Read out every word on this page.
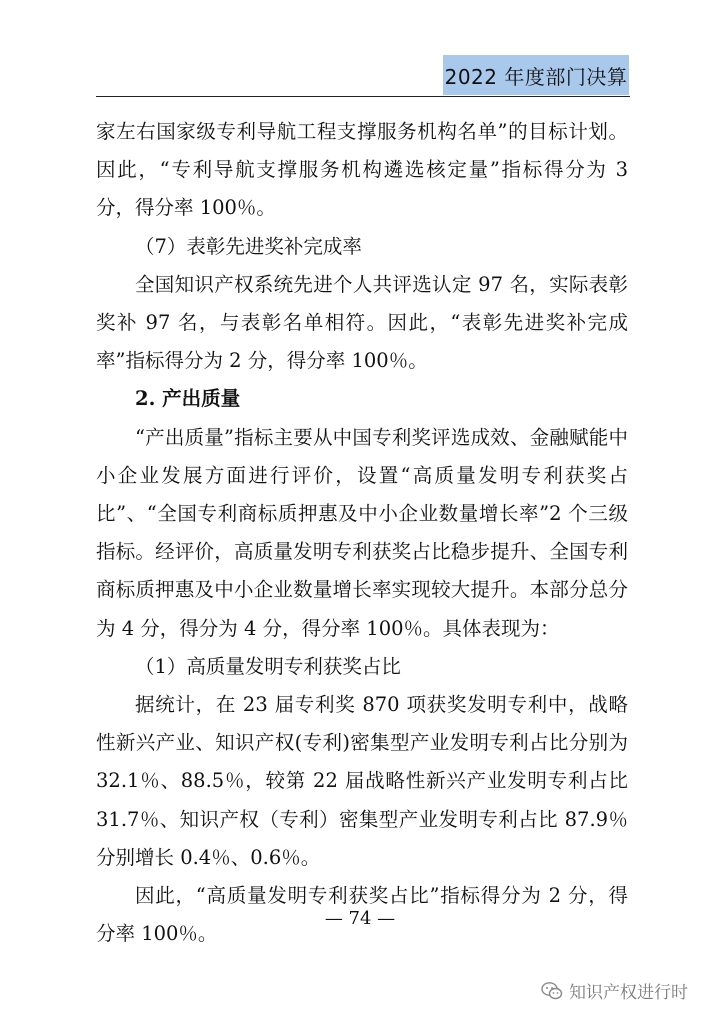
2022 年度部门决算

家左右国家级专利导航工程支撑服务机构名单”的目标计划。因此，“专利导航支撑服务机构遴选核定量”指标得分为 3 分，得分率 100％。

（7）表彰先进奖补完成率

全国知识产权系统先进个人共评选认定 97 名，实际表彰奖补 97 名，与表彰名单相符。因此，“表彰先进奖补完成率”指标得分为 2 分，得分率 100％。

2. 产出质量

“产出质量”指标主要从中国专利奖评选成效、金融赋能中小企业发展方面进行评价，设置“高质量发明专利获奖占比”、“全国专利商标质押惠及中小企业数量增长率”2 个三级指标。经评价，高质量发明专利获奖占比稳步提升、全国专利商标质押惠及中小企业数量增长率实现较大提升。本部分总分为 4 分，得分为 4 分，得分率 100％。具体表现为：

（1）高质量发明专利获奖占比

据统计，在 23 届专利奖 870 项获奖发明专利中，战略性新兴产业、知识产权(专利)密集型产业发明专利占比分别为 32.1％、88.5％，较第 22 届战略性新兴产业发明专利占比 31.7％、知识产权（专利）密集型产业发明专利占比 87.9％分别增长 0.4％、0.6％。

因此，“高质量发明专利获奖占比”指标得分为 2 分，得分率 100％。

— 74 —
知识产权进行时
